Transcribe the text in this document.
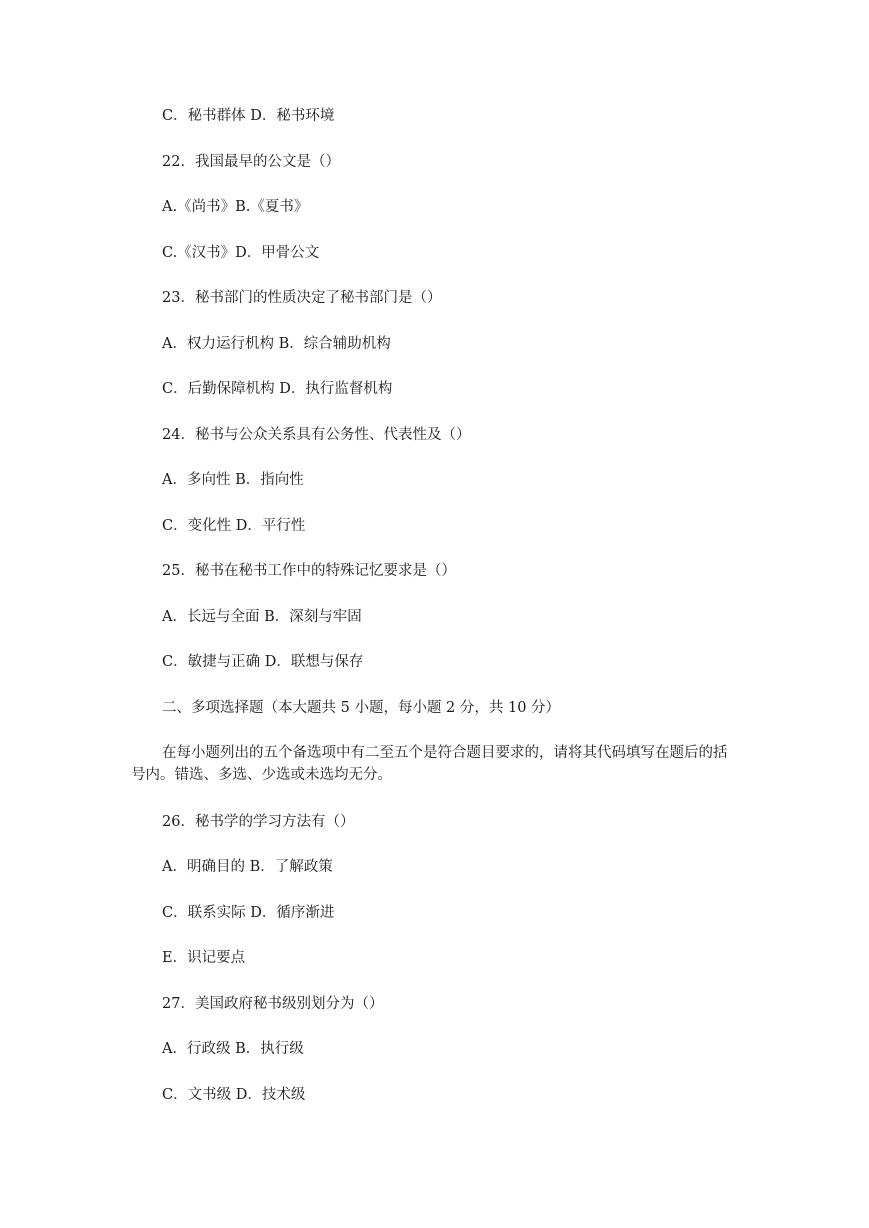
C．秘书群体 D．秘书环境
22．我国最早的公文是（）
A.《尚书》B.《夏书》
C.《汉书》D．甲骨公文
23．秘书部门的性质决定了秘书部门是（）
A．权力运行机构 B．综合辅助机构
C．后勤保障机构 D．执行监督机构
24．秘书与公众关系具有公务性、代表性及（）
A．多向性 B．指向性
C．变化性 D．平行性
25．秘书在秘书工作中的特殊记忆要求是（）
A．长远与全面 B．深刻与牢固
C．敏捷与正确 D．联想与保存
二、多项选择题（本大题共 5 小题，每小题 2 分，共 10 分）
在每小题列出的五个备选项中有二至五个是符合题目要求的，请将其代码填写在题后的括号内。错选、多选、少选或未选均无分。
26．秘书学的学习方法有（）
A．明确目的 B．了解政策
C．联系实际 D．循序渐进
E．识记要点
27．美国政府秘书级别划分为（）
A．行政级 B．执行级
C．文书级 D．技术级
